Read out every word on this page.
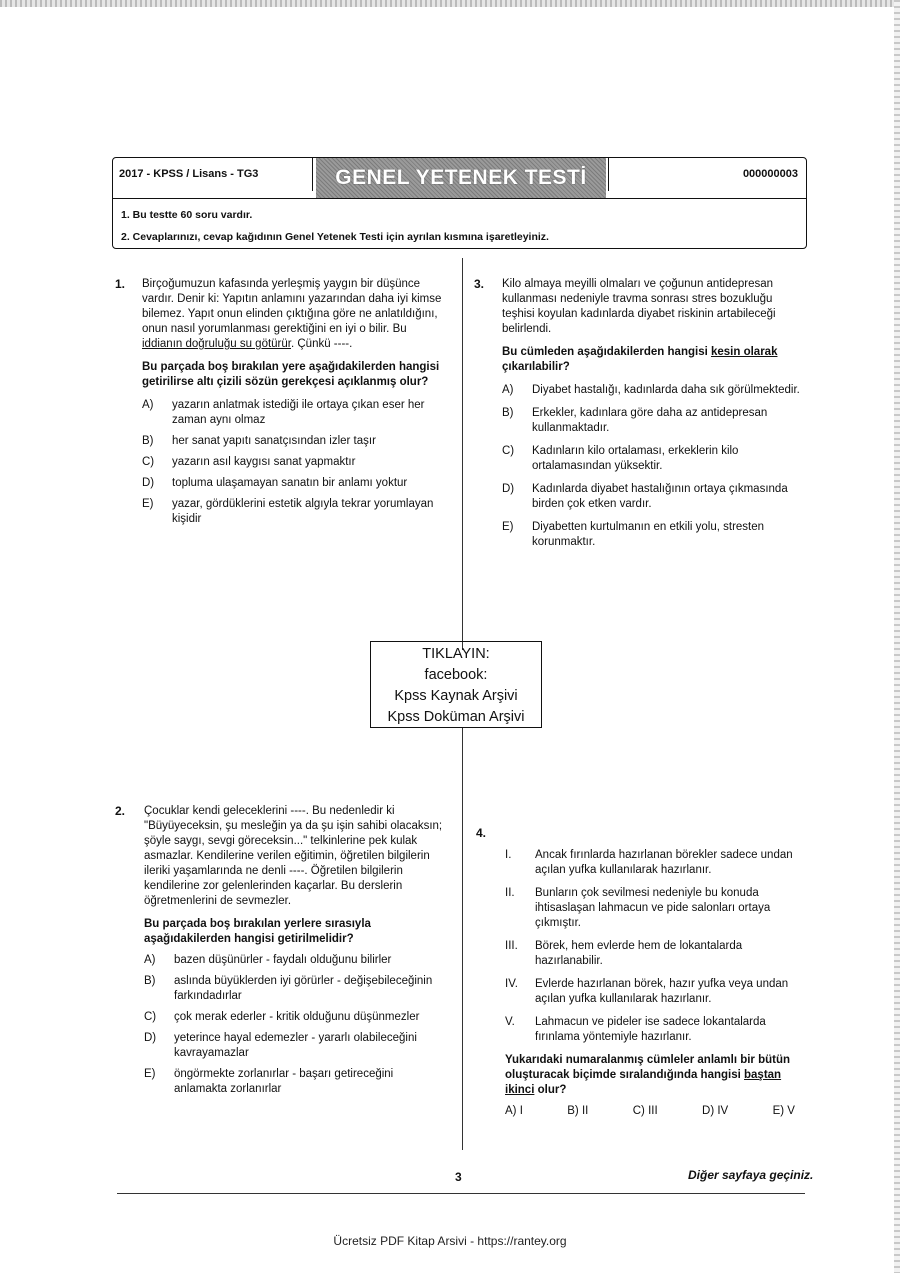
2017 - KPSS / Lisans - TG3	GENEL YETENEK TESTİ	000000003
1. Bu testte 60 soru vardır.
2. Cevaplarınızı, cevap kağıdının Genel Yetenek Testi için ayrılan kısmına işaretleyiniz.
1. Birçoğumuzun kafasında yerleşmiş yaygın bir düşünce vardır. Denir ki: Yapıtın anlamını yazarından daha iyi kimse bilemez. Yapıt onun elinden çıktığına göre ne anlatıldığını, onun nasıl yorumlanması gerektiğini en iyi o bilir. Bu iddianın doğruluğu su götürür. Çünkü ----.
Bu parçada boş bırakılan yere aşağıdakilerden hangisi getirilirse altı çizili sözün gerekçesi açıklanmış olur?
A)	yazarın anlatmak istediği ile ortaya çıkan eser her zaman aynı olmaz
B)	her sanat yapıtı sanatçısından izler taşır
C)	yazarın asıl kaygısı sanat yapmaktır
D)	topluma ulaşamayan sanatın bir anlamı yoktur
E)	yazar, gördüklerini estetik algıyla tekrar yorumlayan kişidir
3. Kilo almaya meyilli olmaları ve çoğunun antidepresan kullanması nedeniyle travma sonrası stres bozukluğu teşhisi koyulan kadınlarda diyabet riskinin artabileceği belirlendi.
Bu cümleden aşağıdakilerden hangisi kesin olarak çıkarılabilir?
A)	Diyabet hastalığı, kadınlarda daha sık görülmektedir.
B)	Erkekler, kadınlara göre daha az antidepresan kullanmaktadır.
C)	Kadınların kilo ortalaması, erkeklerin kilo ortalamasından yüksektir.
D)	Kadınlarda diyabet hastalığının ortaya çıkmasında birden çok etken vardır.
E)	Diyabetten kurtulmanın en etkili yolu, stresten korunmaktır.
TIKLAYIN:
facebook:
Kpss Kaynak Arşivi
Kpss Doküman Arşivi
2. Çocuklar kendi geleceklerini ----. Bu nedenledir ki "Büyüyeceksin, şu mesleğin ya da şu işin sahibi olacaksın; şöyle saygı, sevgi göreceksin..." telkinlerine pek kulak asmazlar. Kendilerine verilen eğitimin, öğretilen bilgilerin ileriki yaşamlarında ne denli ----. Öğretilen bilgilerin kendilerine zor gelenlerinden kaçarlar. Bu derslerin öğretmenlerini de sevmezler.
Bu parçada boş bırakılan yerlere sırasıyla aşağıdakilerden hangisi getirilmelidir?
A)	bazen düşünürler - faydalı olduğunu bilirler
B)	aslında büyüklerden iyi görürler - değişebileceğinin farkındadırlar
C)	çok merak ederler - kritik olduğunu düşünmezler
D)	yeterince hayal edemezler - yararlı olabileceğini kavrayamazlar
E)	öngörmekte zorlanırlar - başarı getireceğini anlamakta zorlanırlar
4.
I.	Ancak fırınlarda hazırlanan börekler sadece undan açılan yufka kullanılarak hazırlanır.
II.	Bunların çok sevilmesi nedeniyle bu konuda ihtisaslaşan lahmacun ve pide salonları ortaya çıkmıştır.
III.	Börek, hem evlerde hem de lokantalarda hazırlanabilir.
IV.	Evlerde hazırlanan börek, hazır yufka veya undan açılan yufka kullanılarak hazırlanır.
V.	Lahmacun ve pideler ise sadece lokantalarda fırınlama yöntemiyle hazırlanır.
Yukarıdaki numaralanmış cümleler anlamlı bir bütün oluşturacak biçimde sıralandığında hangisi baştan ikinci olur?
A) I	B) II	C) III	D) IV	E) V
3	Diğer sayfaya geçiniz.
Ücretsiz PDF Kitap Arsivi - https://rantey.org
